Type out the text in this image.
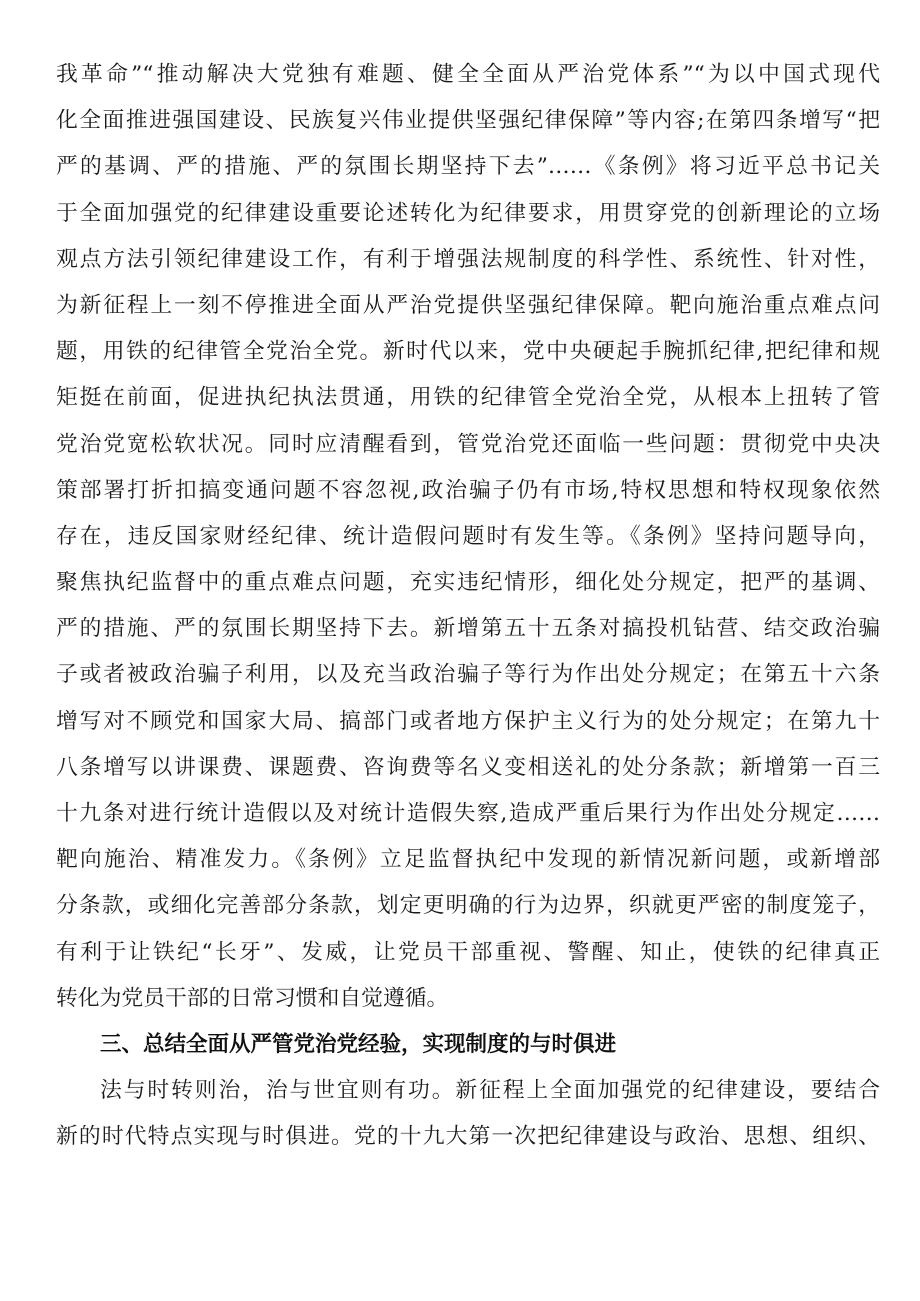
我革命”“推动解决大党独有难题、健全全面从严治党体系”“为以中国式现代
化全面推进强国建设、民族复兴伟业提供坚强纪律保障”等内容;在第四条增写“把
严的基调、严的措施、严的氛围长期坚持下去”……《条例》将习近平总书记关
于全面加强党的纪律建设重要论述转化为纪律要求，用贯穿党的创新理论的立场
观点方法引领纪律建设工作，有利于增强法规制度的科学性、系统性、针对性，
为新征程上一刻不停推进全面从严治党提供坚强纪律保障。靶向施治重点难点问
题，用铁的纪律管全党治全党。新时代以来，党中央硬起手腕抓纪律,把纪律和规
矩挺在前面，促进执纪执法贯通，用铁的纪律管全党治全党，从根本上扭转了管
党治党宽松软状况。同时应清醒看到，管党治党还面临一些问题：贯彻党中央决
策部署打折扣搞变通问题不容忽视,政治骗子仍有市场,特权思想和特权现象依然
存在，违反国家财经纪律、统计造假问题时有发生等。《条例》坚持问题导向，
聚焦执纪监督中的重点难点问题，充实违纪情形，细化处分规定，把严的基调、
严的措施、严的氛围长期坚持下去。新增第五十五条对搞投机钻营、结交政治骗
子或者被政治骗子利用，以及充当政治骗子等行为作出处分规定；在第五十六条
增写对不顾党和国家大局、搞部门或者地方保护主义行为的处分规定；在第九十
八条增写以讲课费、课题费、咨询费等名义变相送礼的处分条款；新增第一百三
十九条对进行统计造假以及对统计造假失察,造成严重后果行为作出处分规定……
靶向施治、精准发力。《条例》立足监督执纪中发现的新情况新问题，或新增部
分条款，或细化完善部分条款，划定更明确的行为边界，织就更严密的制度笼子，
有利于让铁纪“长牙”、发威，让党员干部重视、警醒、知止，使铁的纪律真正
转化为党员干部的日常习惯和自觉遵循。
三、总结全面从严管党治党经验，实现制度的与时俱进
法与时转则治，治与世宜则有功。新征程上全面加强党的纪律建设，要结合
新的时代特点实现与时俱进。党的十九大第一次把纪律建设与政治、思想、组织、
